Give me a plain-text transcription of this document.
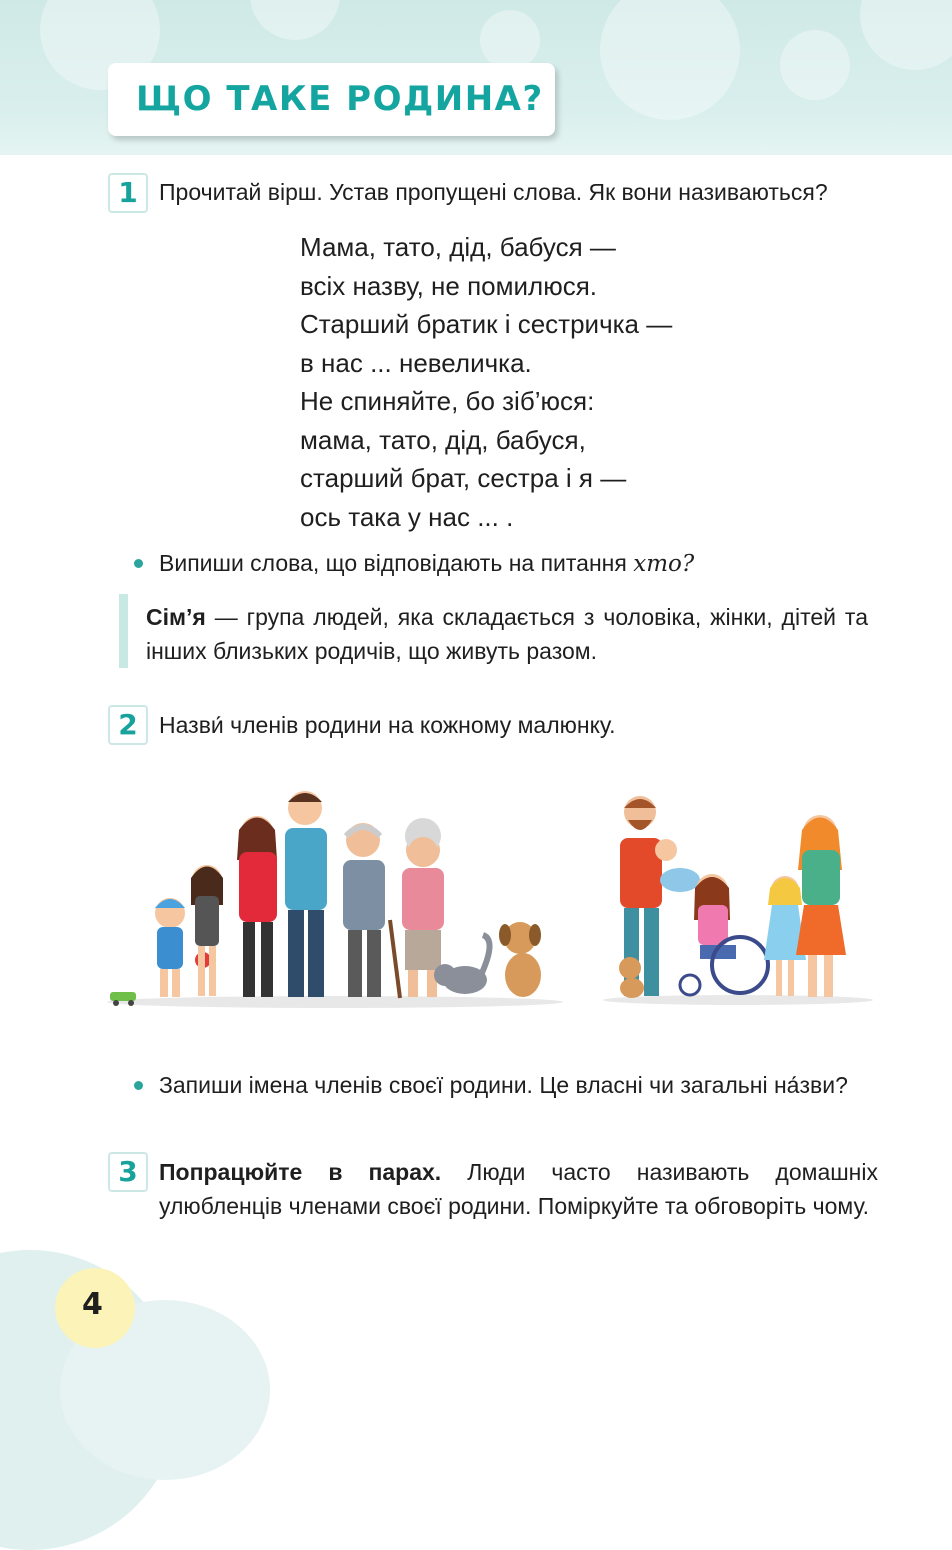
ЩО ТАКЕ РОДИНА?
1 Прочитай вірш. Устав пропущені слова. Як вони називаються?
Мама, тато, дід, бабуся —
всіх назву, не помилюся.
Старший братик і сестричка —
в нас ... невеличка.
Не спиняйте, бо зіб’юся:
мама, тато, дід, бабуся,
старший брат, сестра і я —
ось така у нас ... .
Випиши слова, що відповідають на питання хто?
Сім’я — група людей, яка складається з чоловіка, жінки, дітей та інших близьких родичів, що живуть разом.
2 Назви́ членів родини на кожному малюнку.
Запиши імена членів своєї родини. Це власні чи загальні на́зви?
3 Попрацюйте в парах. Люди часто називають домашніх улюбленців членами своєї родини. Поміркуйте та обговоріть чому.
4
